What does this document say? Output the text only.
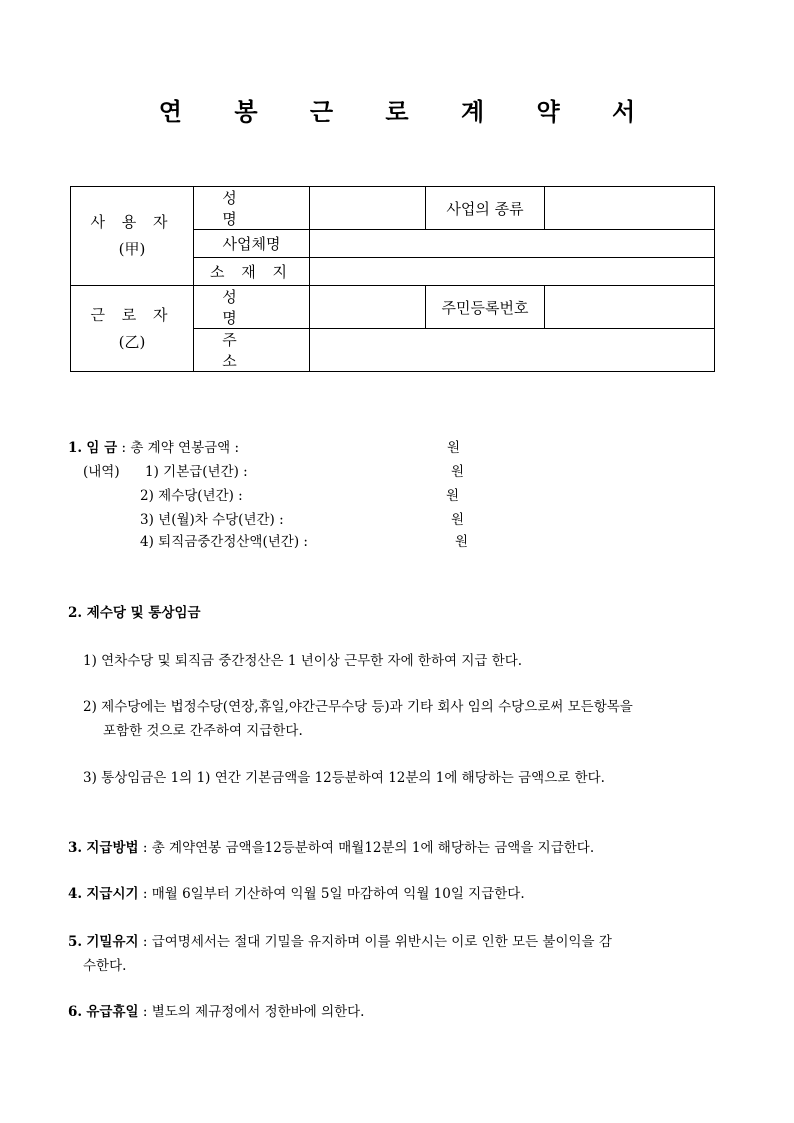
연 봉 근 로 계 약 서
사 용 자
(甲)	성 명		사업의 종류	
	사업체명			
	소 재 지			

근 로 자
(乙)	성 명		주민등록번호	
	주 소			
1. 임 금 : 총 계약 연봉금액 :	원
(내역) 1) 기본급(년간) :	원
2) 제수당(년간) :	원
3) 년(월)차 수당(년간) :	원
4) 퇴직금중간정산액(년간) :	원
2. 제수당 및 통상임금
1) 연차수당 및 퇴직금 중간정산은 1 년이상 근무한 자에 한하여 지급 한다.
2) 제수당에는 법정수당(연장,휴일,야간근무수당 등)과 기타 회사 임의 수당으로써 모든항목을
포함한 것으로 간주하여 지급한다.
3) 통상임금은 1의 1) 연간 기본금액을 12등분하여 12분의 1에 해당하는 금액으로 한다.
3. 지급방법 : 총 계약연봉 금액을12등분하여 매월12분의 1에 해당하는 금액을 지급한다.
4. 지급시기 : 매월 6일부터 기산하여 익월 5일 마감하여 익월 10일 지급한다.
5. 기밀유지 : 급여명세서는 절대 기밀을 유지하며 이를 위반시는 이로 인한 모든 불이익을 감
수한다.
6. 유급휴일 : 별도의 제규정에서 정한바에 의한다.
